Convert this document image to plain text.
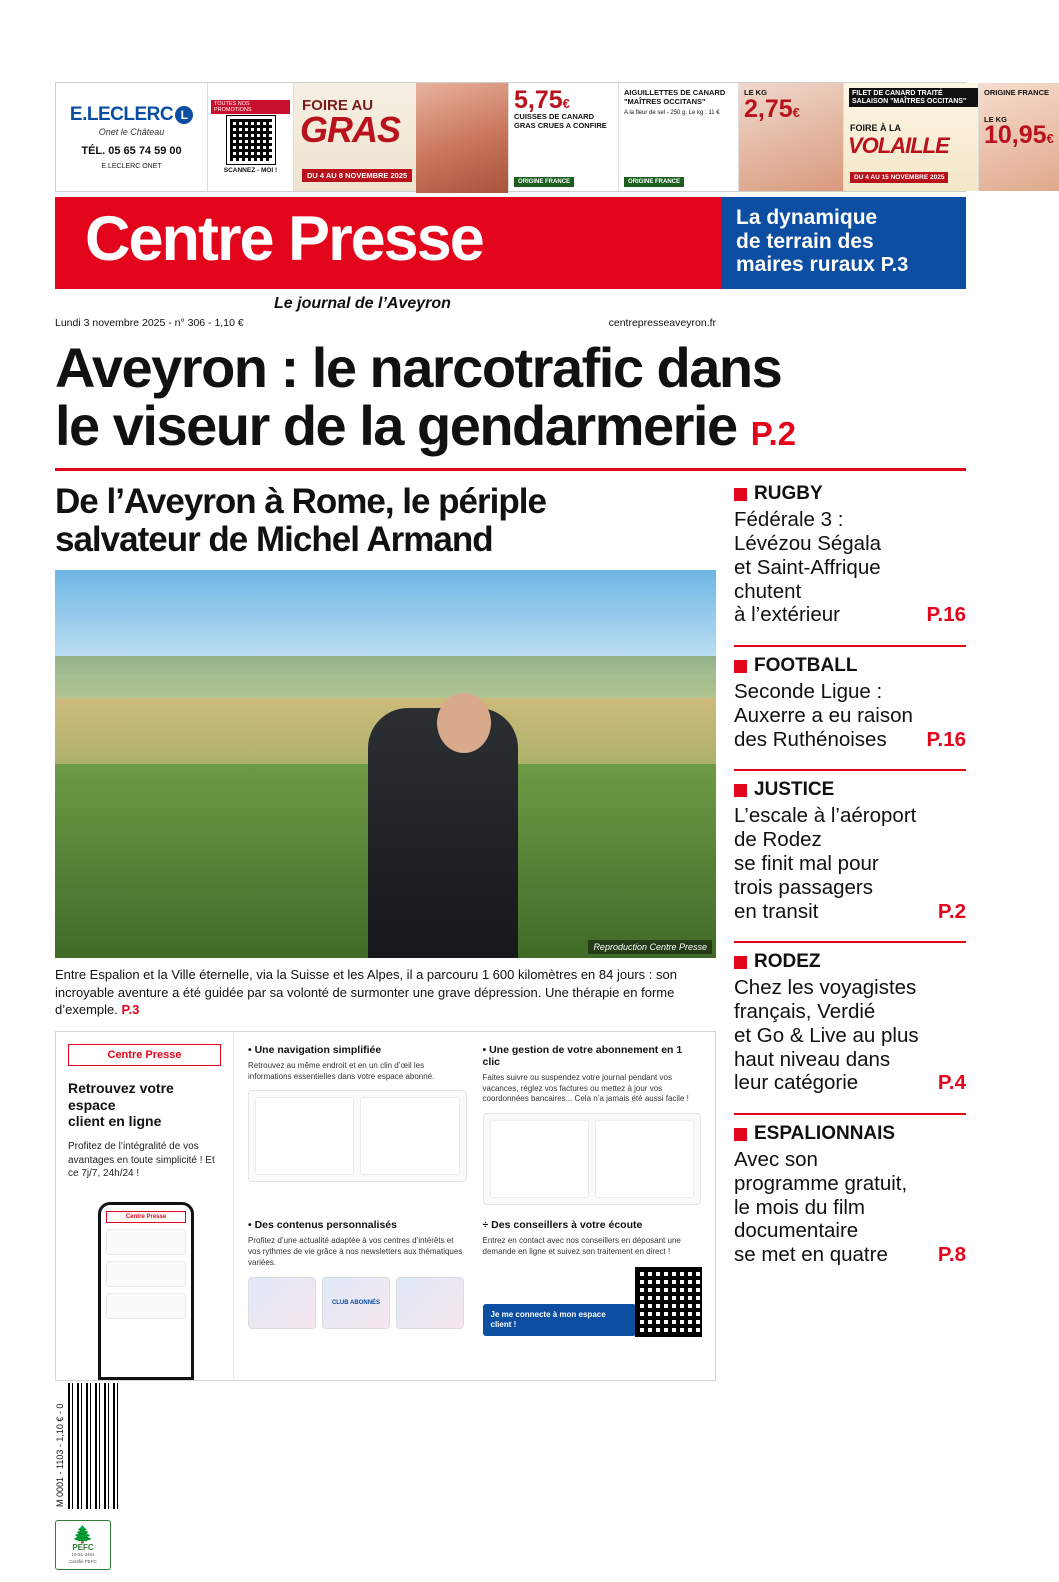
E.LECLERC L
Onet le Château
TÉL. 05 65 74 59 00
E.LECLERC ONET
TOUTES NOS PROMOTIONS
SCANNEZ - MOI !
FOIRE AU
GRAS
DU 4 AU 8 NOVEMBRE 2025
5,75€
CUISSES DE CANARD GRAS CRUES A CONFIRE
ORIGINE FRANCE
AIGUILLETTES DE CANARD "MAÎTRES OCCITANS"
A la fleur de sel - 250 g. Le kg : 11 €
ORIGINE FRANCE
LE KG
2,75€
FILET DE CANARD TRAITÉ SALAISON "MAÎTRES OCCITANS"
FOIRE À LA
VOLAILLE
DU 4 AU 15 NOVEMBRE 2025
ORIGINE FRANCE
LE KG
10,95€
Centre Presse
Le journal de l’Aveyron
La dynamique
de terrain des
maires ruraux P.3
Lundi 3 novembre 2025 - n° 306 - 1,10 €	centrepresseaveyron.fr
Aveyron : le narcotrafic dans
le viseur de la gendarmerie P.2
De l’Aveyron à Rome, le périple
salvateur de Michel Armand
Reproduction Centre Presse
Entre Espalion et la Ville éternelle, via la Suisse et les Alpes, il a parcouru 1 600 kilomètres en 84 jours : son incroyable aventure a été guidée par sa volonté de surmonter une grave dépression. Une thérapie en forme d’exemple. P.3
Centre Presse
Retrouvez votre espace
client en ligne
Profitez de l’intégralité de vos avantages en toute simplicité ! Et ce 7j/7, 24h/24 !
Centre Presse
• Une navigation simplifiée
Retrouvez au même endroit et en un clin d’œil les informations essentielles dans votre espace abonné.
• Une gestion de votre abonnement en 1 clic
Faites suivre ou suspendez votre journal pendant vos vacances, réglez vos factures ou mettez à jour vos coordonnées bancaires... Cela n’a jamais été aussi facile !
• Des contenus personnalisés
Profitez d’une actualité adaptée à vos centres d’intérêts et vos rythmes de vie grâce à nos newsletters aux thématiques variées.
CLUB ABONNÉS
÷ Des conseillers à votre écoute
Entrez en contact avec nos conseillers en déposant une demande en ligne et suivez son traitement en direct !
Je me connecte à mon espace client !
RUGBY
Fédérale 3 :
Lévézou Ségala
et Saint-Affrique
chutent
à l’extérieur	P.16
FOOTBALL
Seconde Ligue :
Auxerre a eu raison
des Ruthénoises P.16
JUSTICE
L’escale à l’aéroport
de Rodez
se finit mal pour
trois passagers
en transit	P.2
RODEZ
Chez les voyagistes
français, Verdié
et Go & Live au plus
haut niveau dans
leur catégorie	P.4
ESPALIONNAIS
Avec son
programme gratuit,
le mois du film
documentaire
se met en quatre P.8
M 0001 - 1103 - 1,10 € - 0
🌲
PEFC
10-31-3481
Certifié PEFC
